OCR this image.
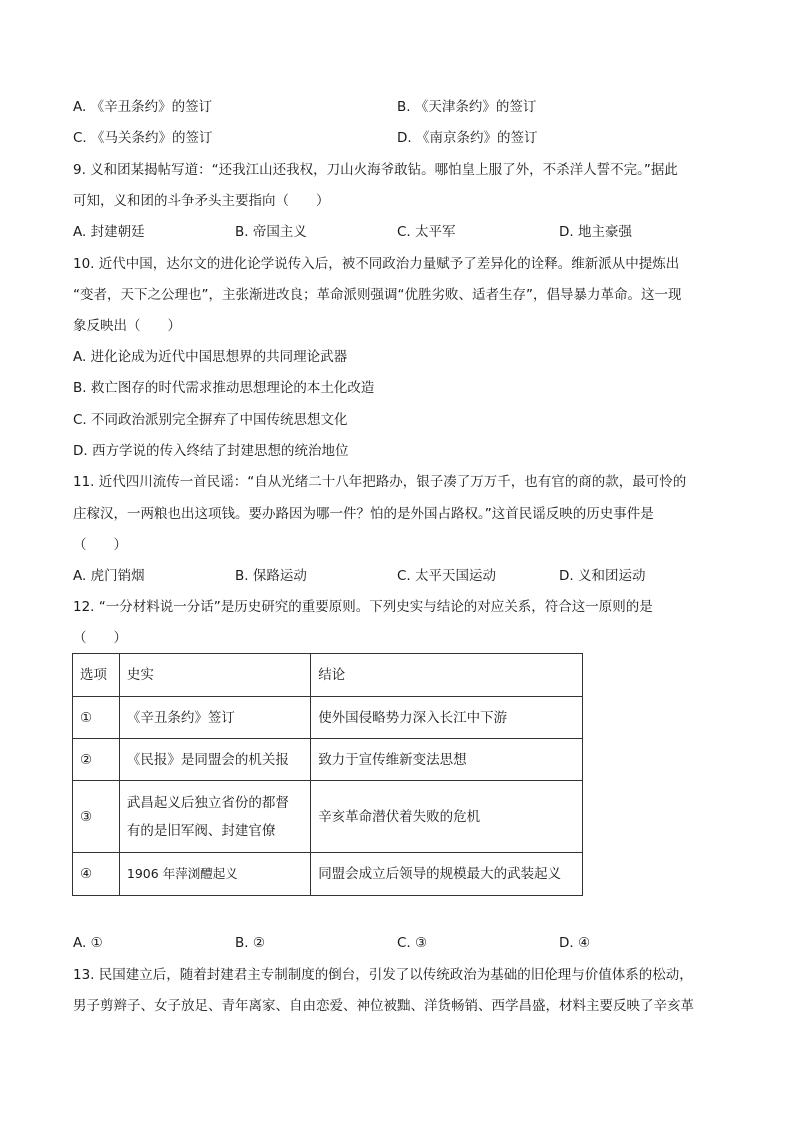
A. 《辛丑条约》的签订	B. 《天津条约》的签订
C. 《马关条约》的签订	D. 《南京条约》的签订
9. 义和团某揭帖写道：“还我江山还我权，刀山火海爷敢钻。哪怕皇上服了外，不杀洋人誓不完。”据此
可知，义和团的斗争矛头主要指向（　　）
A. 封建朝廷	B. 帝国主义	C. 太平军	D. 地主豪强
10. 近代中国，达尔文的进化论学说传入后，被不同政治力量赋予了差异化的诠释。维新派从中提炼出
“变者，天下之公理也”，主张渐进改良；革命派则强调“优胜劣败、适者生存”，倡导暴力革命。这一现
象反映出（　　）
A. 进化论成为近代中国思想界的共同理论武器
B. 救亡图存的时代需求推动思想理论的本土化改造
C. 不同政治派别完全摒弃了中国传统思想文化
D. 西方学说的传入终结了封建思想的统治地位
11. 近代四川流传一首民谣：“自从光绪二十八年把路办，银子凑了万万千，也有官的商的款，最可怜的
庄稼汉，一两粮也出这项钱。要办路因为哪一件？怕的是外国占路权。”这首民谣反映的历史事件是
（　　）
A. 虎门销烟	B. 保路运动	C. 太平天国运动	D. 义和团运动
12. “一分材料说一分话”是历史研究的重要原则。下列史实与结论的对应关系，符合这一原则的是
（　　）
选项	史实	结论
①	《辛丑条约》签订	使外国侵略势力深入长江中下游
②	《民报》是同盟会的机关报	致力于宣传维新变法思想
③	武昌起义后独立省份的都督
有的是旧军阀、封建官僚	辛亥革命潜伏着失败的危机
④	1906 年萍浏醴起义	同盟会成立后领导的规模最大的武装起义
A. ①	B. ②	C. ③	D. ④
13. 民国建立后，随着封建君主专制制度的倒台，引发了以传统政治为基础的旧伦理与价值体系的松动，
男子剪辫子、女子放足、青年离家、自由恋爱、神位被黜、洋货畅销、西学昌盛，材料主要反映了辛亥革
